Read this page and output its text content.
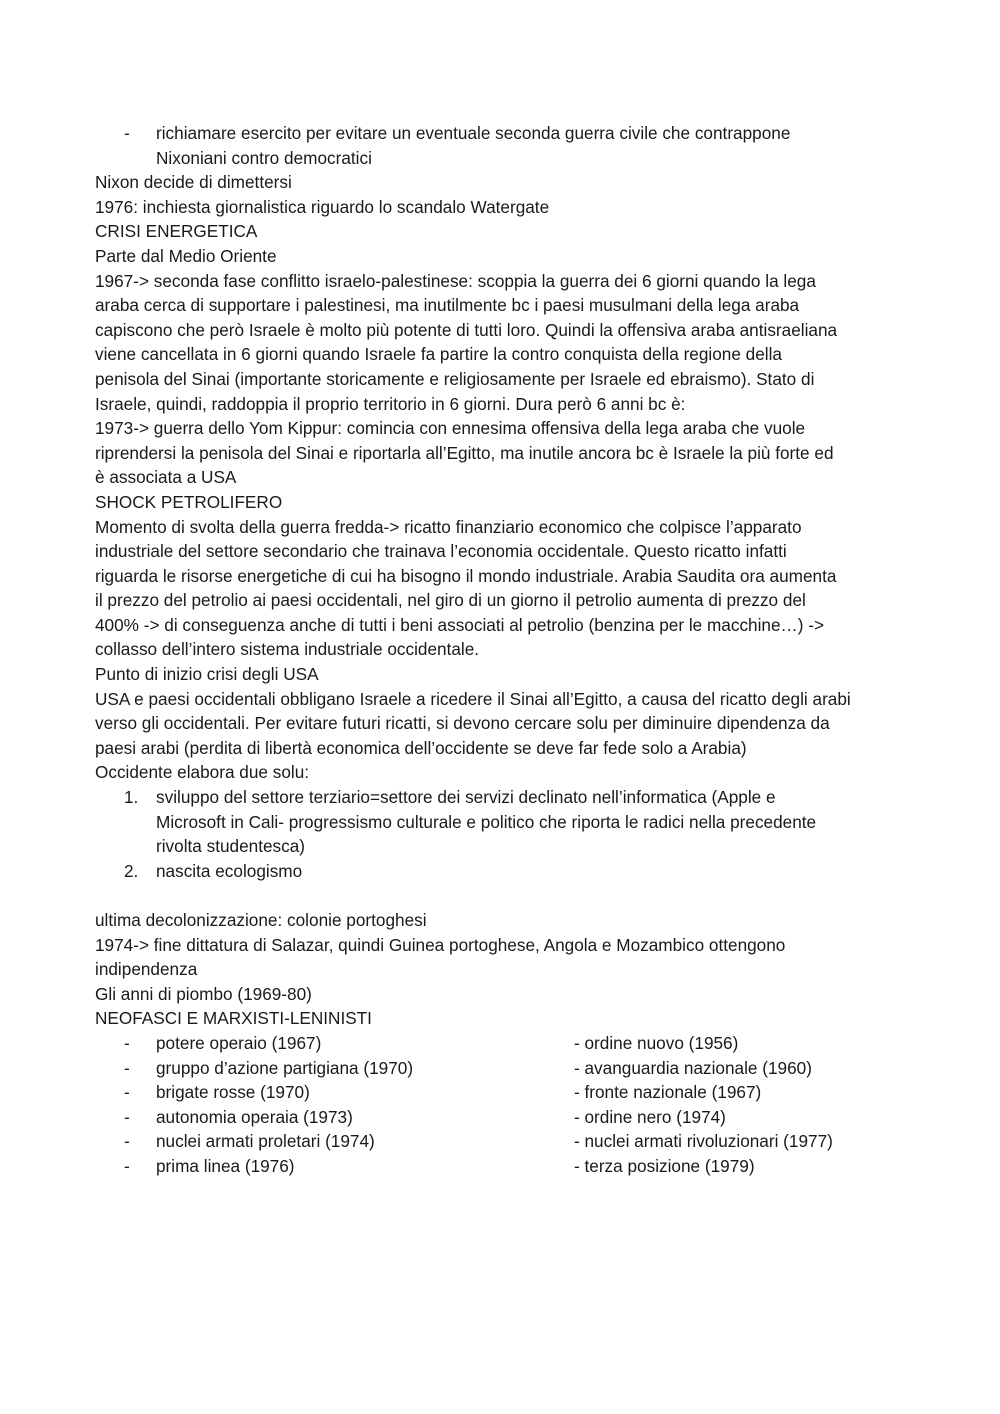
- richiamare esercito per evitare un eventuale seconda guerra civile che contrappone
Nixoniani contro democratici

Nixon decide di dimettersi

1976: inchiesta giornalistica riguardo lo scandalo Watergate

CRISI ENERGETICA

Parte dal Medio Oriente

1967-> seconda fase conflitto israelo-palestinese: scoppia la guerra dei 6 giorni quando la lega

araba cerca di supportare i palestinesi, ma inutilmente bc i paesi musulmani della lega araba

capiscono che però Israele è molto più potente di tutti loro. Quindi la offensiva araba antisraeliana

viene cancellata in 6 giorni quando Israele fa partire la contro conquista della regione della

penisola del Sinai (importante storicamente e religiosamente per Israele ed ebraismo). Stato di

Israele, quindi, raddoppia il proprio territorio in 6 giorni. Dura però 6 anni bc è:

1973-> guerra dello Yom Kippur: comincia con ennesima offensiva della lega araba che vuole

riprendersi la penisola del Sinai e riportarla all’Egitto, ma inutile ancora bc è Israele la più forte ed

è associata a USA

SHOCK PETROLIFERO

Momento di svolta della guerra fredda-> ricatto finanziario economico che colpisce l’apparato

industriale del settore secondario che trainava l’economia occidentale. Questo ricatto infatti

riguarda le risorse energetiche di cui ha bisogno il mondo industriale. Arabia Saudita ora aumenta

il prezzo del petrolio ai paesi occidentali, nel giro di un giorno il petrolio aumenta di prezzo del

400% -> di conseguenza anche di tutti i beni associati al petrolio (benzina per le macchine…) ->

collasso dell’intero sistema industriale occidentale.

Punto di inizio crisi degli USA

USA e paesi occidentali obbligano Israele a ricedere il Sinai all’Egitto, a causa del ricatto degli arabi

verso gli occidentali. Per evitare futuri ricatti, si devono cercare solu per diminuire dipendenza da

paesi arabi (perdita di libertà economica dell’occidente se deve far fede solo a Arabia)

Occidente elabora due solu:

1. sviluppo del settore terziario=settore dei servizi declinato nell’informatica (Apple e
Microsoft in Cali- progressismo culturale e politico che riporta le radici nella precedente
rivolta studentesca)
2. nascita ecologismo

ultima decolonizzazione: colonie portoghesi

1974-> fine dittatura di Salazar, quindi Guinea portoghese, Angola e Mozambico ottengono

indipendenza

Gli anni di piombo (1969-80)

NEOFASCI E MARXISTI-LENINISTI

- potere operaio (1967)	- ordine nuovo (1956)
- gruppo d’azione partigiana (1970)	- avanguardia nazionale (1960)
- brigate rosse (1970)	- fronte nazionale (1967)
- autonomia operaia (1973)	- ordine nero (1974)
- nuclei armati proletari (1974)	- nuclei armati rivoluzionari (1977)
- prima linea (1976)	- terza posizione (1979)
